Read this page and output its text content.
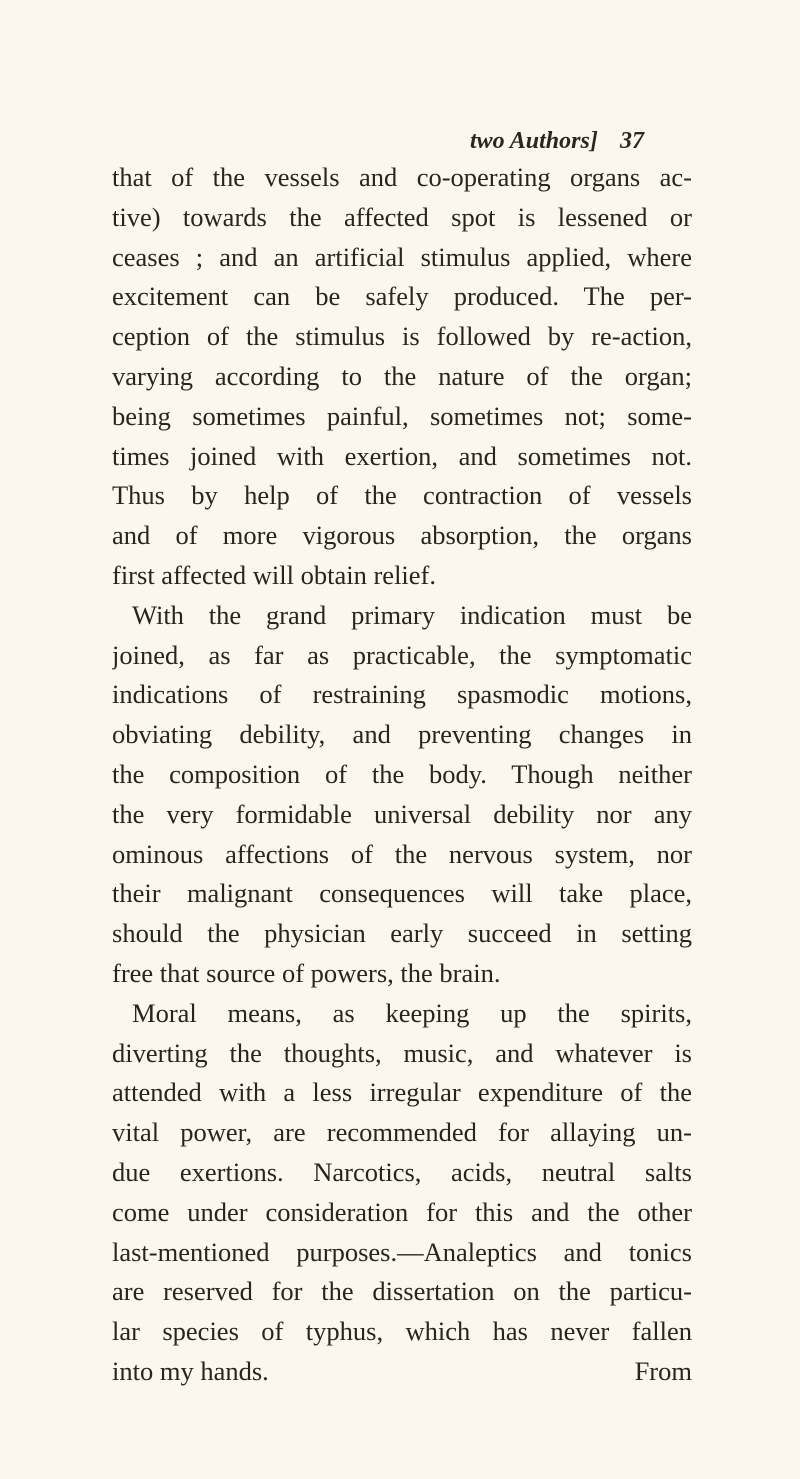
two Authors] 37
that of the vessels and co-operating organs ac-
tive) towards the affected spot is lessened or
ceases ; and an artificial stimulus applied, where
excitement can be safely produced. The per-
ception of the stimulus is followed by re-action,
varying according to the nature of the organ;
being sometimes painful, sometimes not; some-
times joined with exertion, and sometimes not.
Thus by help of the contraction of vessels
and of more vigorous absorption, the organs
first affected will obtain relief.
With the grand primary indication must be
joined, as far as practicable, the symptomatic
indications of restraining spasmodic motions,
obviating debility, and preventing changes in
the composition of the body. Though neither
the very formidable universal debility nor any
ominous affections of the nervous system, nor
their malignant consequences will take place,
should the physician early succeed in setting
free that source of powers, the brain.
Moral means, as keeping up the spirits,
diverting the thoughts, music, and whatever is
attended with a less irregular expenditure of the
vital power, are recommended for allaying un-
due exertions. Narcotics, acids, neutral salts
come under consideration for this and the other
last-mentioned purposes.—Analeptics and tonics
are reserved for the dissertation on the particu-
lar species of typhus, which has never fallen
into my hands.	From
